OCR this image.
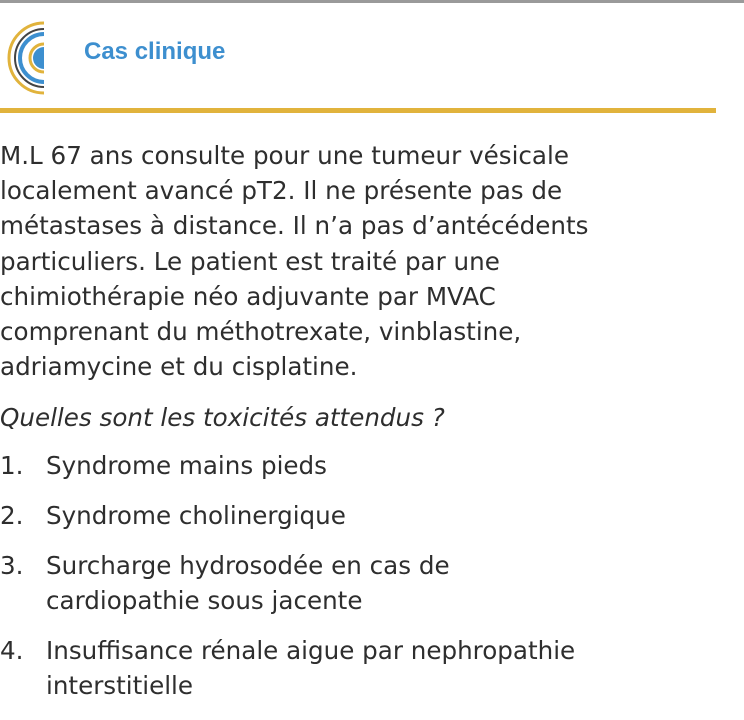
Cas clinique

M.L 67 ans consulte pour une tumeur vésicale
localement avancé pT2. Il ne présente pas de
métastases à distance. Il n’a pas d’antécédents
particuliers. Le patient est traité par une
chimiothérapie néo adjuvante par MVAC
comprenant du méthotrexate, vinblastine,
adriamycine et du cisplatine.

Quelles sont les toxicités attendus ?

1. Syndrome mains pieds
2. Syndrome cholinergique
3. Surcharge hydrosodée en cas de
cardiopathie sous jacente
4. Insuffisance rénale aigue par nephropathie
interstitielle
